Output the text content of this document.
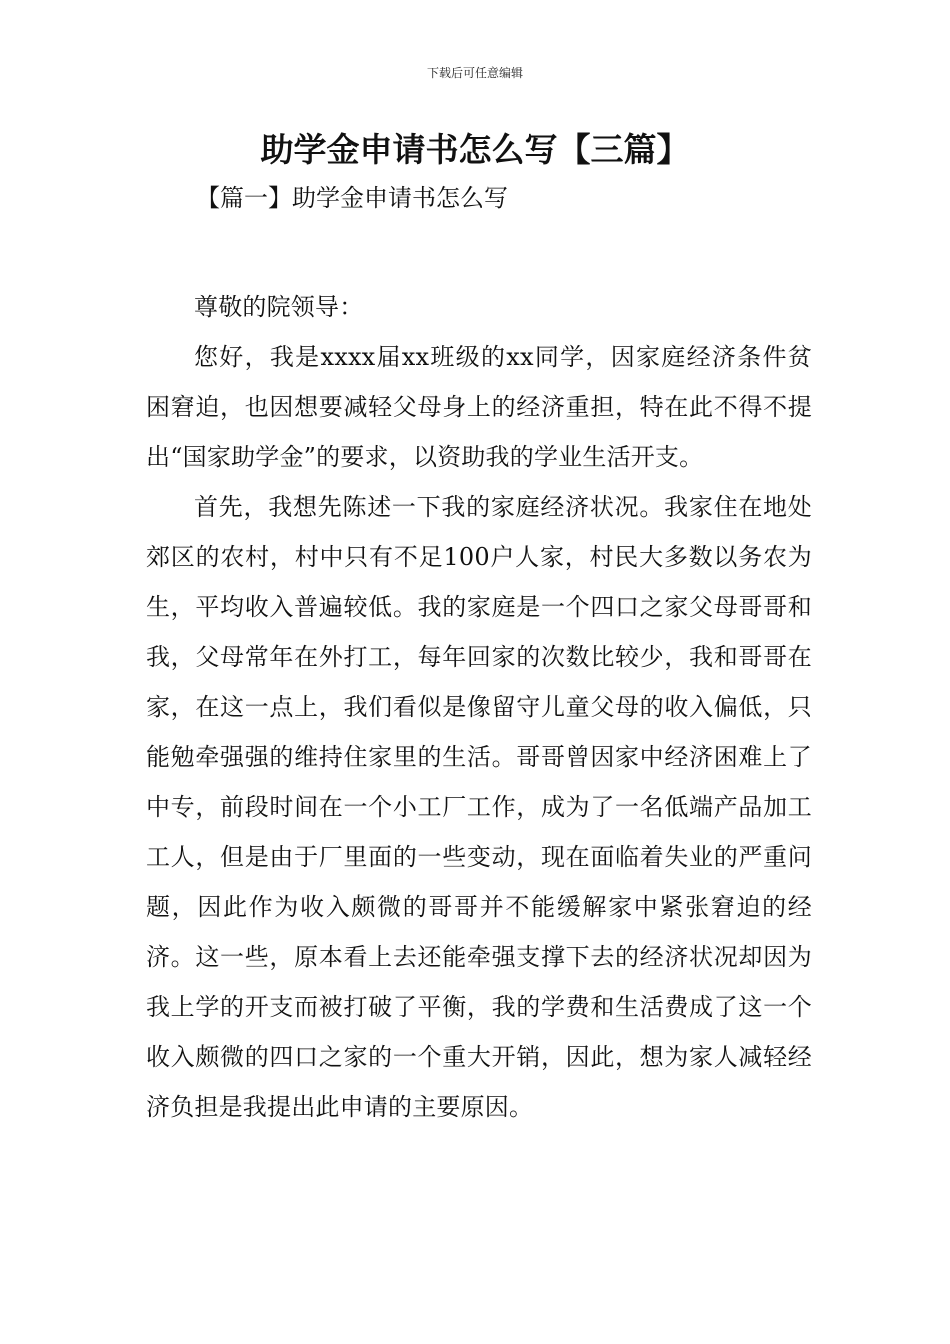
下载后可任意编辑
助学金申请书怎么写【三篇】
【篇一】助学金申请书怎么写

尊敬的院领导：

您好，我是xxxx届xx班级的xx同学，因家庭经济条件贫困窘迫，也因想要减轻父母身上的经济重担，特在此不得不提出“国家助学金”的要求，以资助我的学业生活开支。

首先，我想先陈述一下我的家庭经济状况。我家住在地处郊区的农村，村中只有不足100户人家，村民大多数以务农为生，平均收入普遍较低。我的家庭是一个四口之家父母哥哥和我，父母常年在外打工，每年回家的次数比较少，我和哥哥在家，在这一点上，我们看似是像留守儿童父母的收入偏低，只能勉牵强强的维持住家里的生活。哥哥曾因家中经济困难上了中专，前段时间在一个小工厂工作，成为了一名低端产品加工工人，但是由于厂里面的一些变动，现在面临着失业的严重问题，因此作为收入颇微的哥哥并不能缓解家中紧张窘迫的经济。这一些，原本看上去还能牵强支撑下去的经济状况却因为我上学的开支而被打破了平衡，我的学费和生活费成了这一个收入颇微的四口之家的一个重大开销，因此，想为家人减轻经济负担是我提出此申请的主要原因。
